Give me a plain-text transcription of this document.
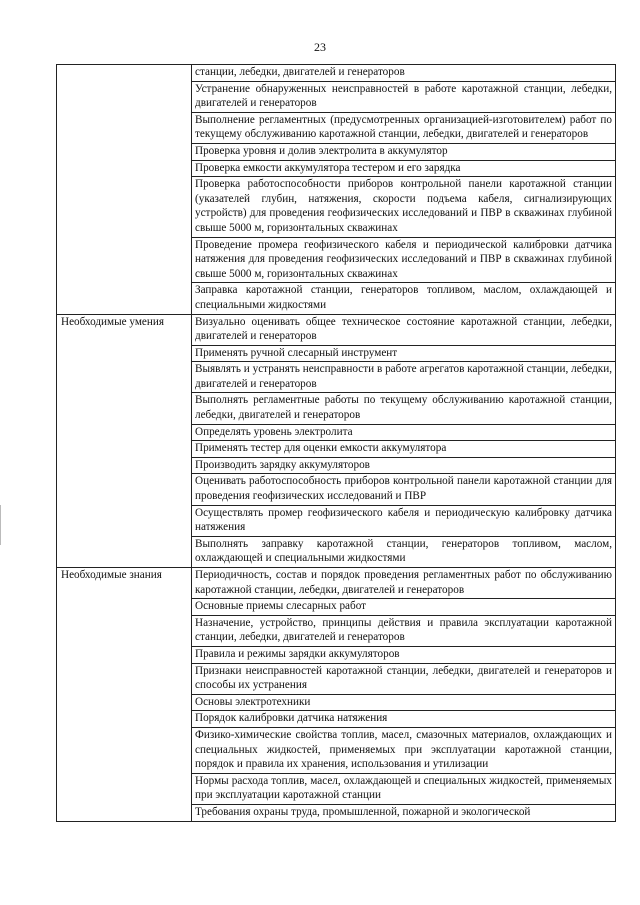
23
	станции, лебедки, двигателей и генераторов
	Устранение обнаруженных неисправностей в работе каротажной станции, лебедки, двигателей и генераторов
	Выполнение регламентных (предусмотренных организацией-изготовителем) работ по текущему обслуживанию каротажной станции, лебедки, двигателей и генераторов
	Проверка уровня и долив электролита в аккумулятор
	Проверка емкости аккумулятора тестером и его зарядка
	Проверка работоспособности приборов контрольной панели каротажной станции (указателей глубин, натяжения, скорости подъема кабеля, сигнализирующих устройств) для проведения геофизических исследований и ПВР в скважинах глубиной свыше 5000 м, горизонтальных скважинах
	Проведение промера геофизического кабеля и периодической калибровки датчика натяжения для проведения геофизических исследований и ПВР в скважинах глубиной свыше 5000 м, горизонтальных скважинах
	Заправка каротажной станции, генераторов топливом, маслом, охлаждающей и специальными жидкостями
Необходимые умения	Визуально оценивать общее техническое состояние каротажной станции, лебедки, двигателей и генераторов
	Применять ручной слесарный инструмент
	Выявлять и устранять неисправности в работе агрегатов каротажной станции, лебедки, двигателей и генераторов
	Выполнять регламентные работы по текущему обслуживанию каротажной станции, лебедки, двигателей и генераторов
	Определять уровень электролита
	Применять тестер для оценки емкости аккумулятора
	Производить зарядку аккумуляторов
	Оценивать работоспособность приборов контрольной панели каротажной станции для проведения геофизических исследований и ПВР
	Осуществлять промер геофизического кабеля и периодическую калибровку датчика натяжения
	Выполнять заправку каротажной станции, генераторов топливом, маслом, охлаждающей и специальными жидкостями
Необходимые знания	Периодичность, состав и порядок проведения регламентных работ по обслуживанию каротажной станции, лебедки, двигателей и генераторов
	Основные приемы слесарных работ
	Назначение, устройство, принципы действия и правила эксплуатации каротажной станции, лебедки, двигателей и генераторов
	Правила и режимы зарядки аккумуляторов
	Признаки неисправностей каротажной станции, лебедки, двигателей и генераторов и способы их устранения
	Основы электротехники
	Порядок калибровки датчика натяжения
	Физико-химические свойства топлив, масел, смазочных материалов, охлаждающих и специальных жидкостей, применяемых при эксплуатации каротажной станции, порядок и правила их хранения, использования и утилизации
	Нормы расхода топлив, масел, охлаждающей и специальных жидкостей, применяемых при эксплуатации каротажной станции
	Требования охраны труда, промышленной, пожарной и экологической
